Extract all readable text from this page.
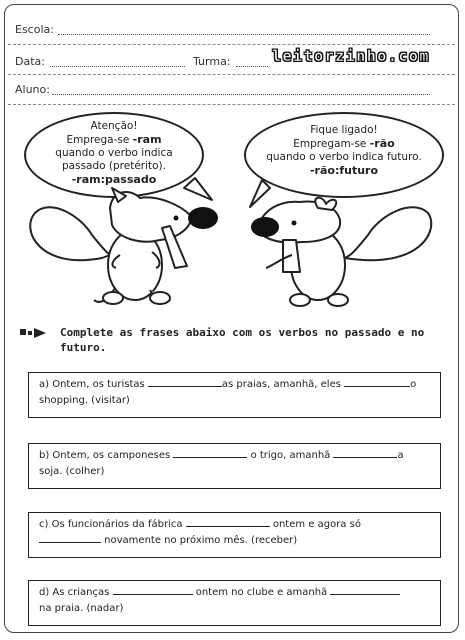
Escola:
Data:	Turma:
Aluno:
leitorzinho.com
Atenção!
Emprega-se -ram
quando o verbo indica
passado (pretérito).
-ram:passado
Fique ligado!
Empregam-se -rão
quando o verbo indica futuro.
-rão:futuro
Complete as frases abaixo com os verbos no passado e no futuro.
a) Ontem, os turistas	as praias, amanhã, eles	o
shopping. (visitar)
b) Ontem, os camponeses	o trigo, amanhã	a
soja. (colher)
c) Os funcionários da fábrica	ontem e agora só
novamente no próximo mês. (receber)
d) As crianças	ontem no clube e amanhã
na praia. (nadar)
